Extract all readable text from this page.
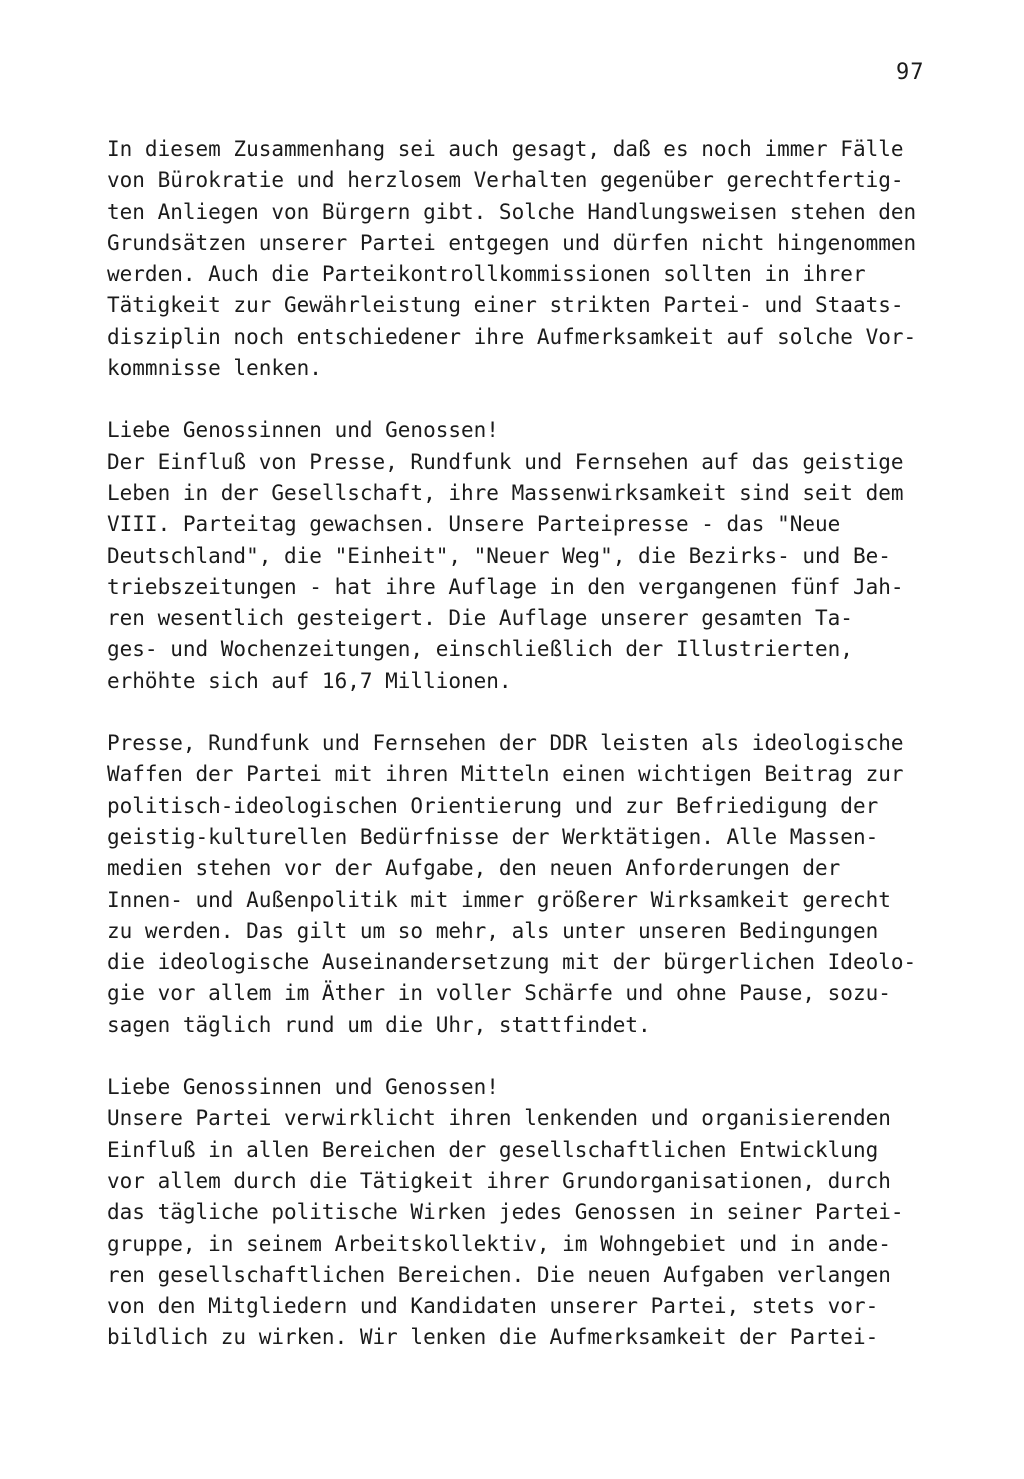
97
In diesem Zusammenhang sei auch gesagt, daß es noch immer Fälle
von Bürokratie und herzlosem Verhalten gegenüber gerechtfertig-
ten Anliegen von Bürgern gibt. Solche Handlungsweisen stehen den
Grundsätzen unserer Partei entgegen und dürfen nicht hingenommen
werden. Auch die Parteikontrollkommissionen sollten in ihrer
Tätigkeit zur Gewährleistung einer strikten Partei- und Staats-
disziplin noch entschiedener ihre Aufmerksamkeit auf solche Vor-
kommnisse lenken.
Liebe Genossinnen und Genossen!
Der Einfluß von Presse, Rundfunk und Fernsehen auf das geistige
Leben in der Gesellschaft, ihre Massenwirksamkeit sind seit dem
VIII. Parteitag gewachsen. Unsere Parteipresse - das "Neue
Deutschland", die "Einheit", "Neuer Weg", die Bezirks- und Be-
triebszeitungen - hat ihre Auflage in den vergangenen fünf Jah-
ren wesentlich gesteigert. Die Auflage unserer gesamten Ta-
ges- und Wochenzeitungen, einschließlich der Illustrierten,
erhöhte sich auf 16,7 Millionen.
Presse, Rundfunk und Fernsehen der DDR leisten als ideologische
Waffen der Partei mit ihren Mitteln einen wichtigen Beitrag zur
politisch-ideologischen Orientierung und zur Befriedigung der
geistig-kulturellen Bedürfnisse der Werktätigen. Alle Massen-
medien stehen vor der Aufgabe, den neuen Anforderungen der
Innen- und Außenpolitik mit immer größerer Wirksamkeit gerecht
zu werden. Das gilt um so mehr, als unter unseren Bedingungen
die ideologische Auseinandersetzung mit der bürgerlichen Ideolo-
gie vor allem im Äther in voller Schärfe und ohne Pause, sozu-
sagen täglich rund um die Uhr, stattfindet.
Liebe Genossinnen und Genossen!
Unsere Partei verwirklicht ihren lenkenden und organisierenden
Einfluß in allen Bereichen der gesellschaftlichen Entwicklung
vor allem durch die Tätigkeit ihrer Grundorganisationen, durch
das tägliche politische Wirken jedes Genossen in seiner Partei-
gruppe, in seinem Arbeitskollektiv, im Wohngebiet und in ande-
ren gesellschaftlichen Bereichen. Die neuen Aufgaben verlangen
von den Mitgliedern und Kandidaten unserer Partei, stets vor-
bildlich zu wirken. Wir lenken die Aufmerksamkeit der Partei-
